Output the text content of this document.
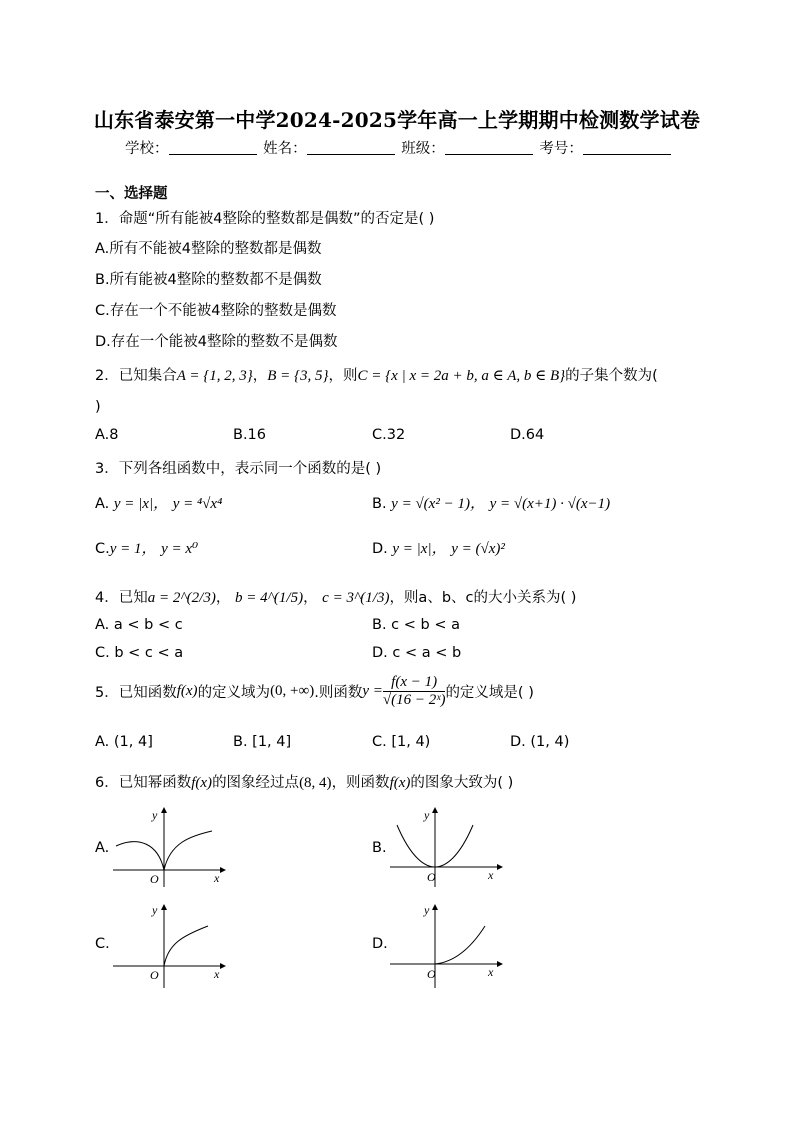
山东省泰安第一中学2024-2025学年高一上学期期中检测数学试卷
学校：	姓名：	班级：	考号：
一、选择题
1．命题“所有能被4整除的整数都是偶数”的否定是( )
A.所有不能被4整除的整数都是偶数
B.所有能被4整除的整数都不是偶数
C.存在一个不能被4整除的整数是偶数
D.存在一个能被4整除的整数不是偶数
2．已知集合A = {1, 2, 3}，B = {3, 5}，则C = {x | x = 2a + b, a ∈ A, b ∈ B}的子集个数为(
)
A.8	B.16	C.32	D.64
3．下列各组函数中，表示同一个函数的是( )
A. y = |x|， y = ⁴√x⁴	B. y = √(x² − 1)， y = √(x+1) · √(x−1)
C.y = 1， y = x⁰	D. y = |x|， y = (√x)²
4．已知a = 2^(2/3)， b = 4^(1/5)， c = 3^(1/3)，则a、b、c的大小关系为( )
A. a < b < c	B. c < b < a
C. b < c < a	D. c < a < b
5．已知函数f(x)的定义域为(0, +∞).则函数$y = \frac{f(x - 1)}{\text{√(16 − 2ˣ)}}$ 的定义域是( )
A. (1, 4]	B. [1, 4]	C. [1, 4)	D. (1, 4)
6．已知幂函数f(x)的图象经过点(8, 4)，则函数f(x)的图象大致为( )
A.
y
x
O
B.
y
x
O
C.
y
x
O
D.
y
x
O
